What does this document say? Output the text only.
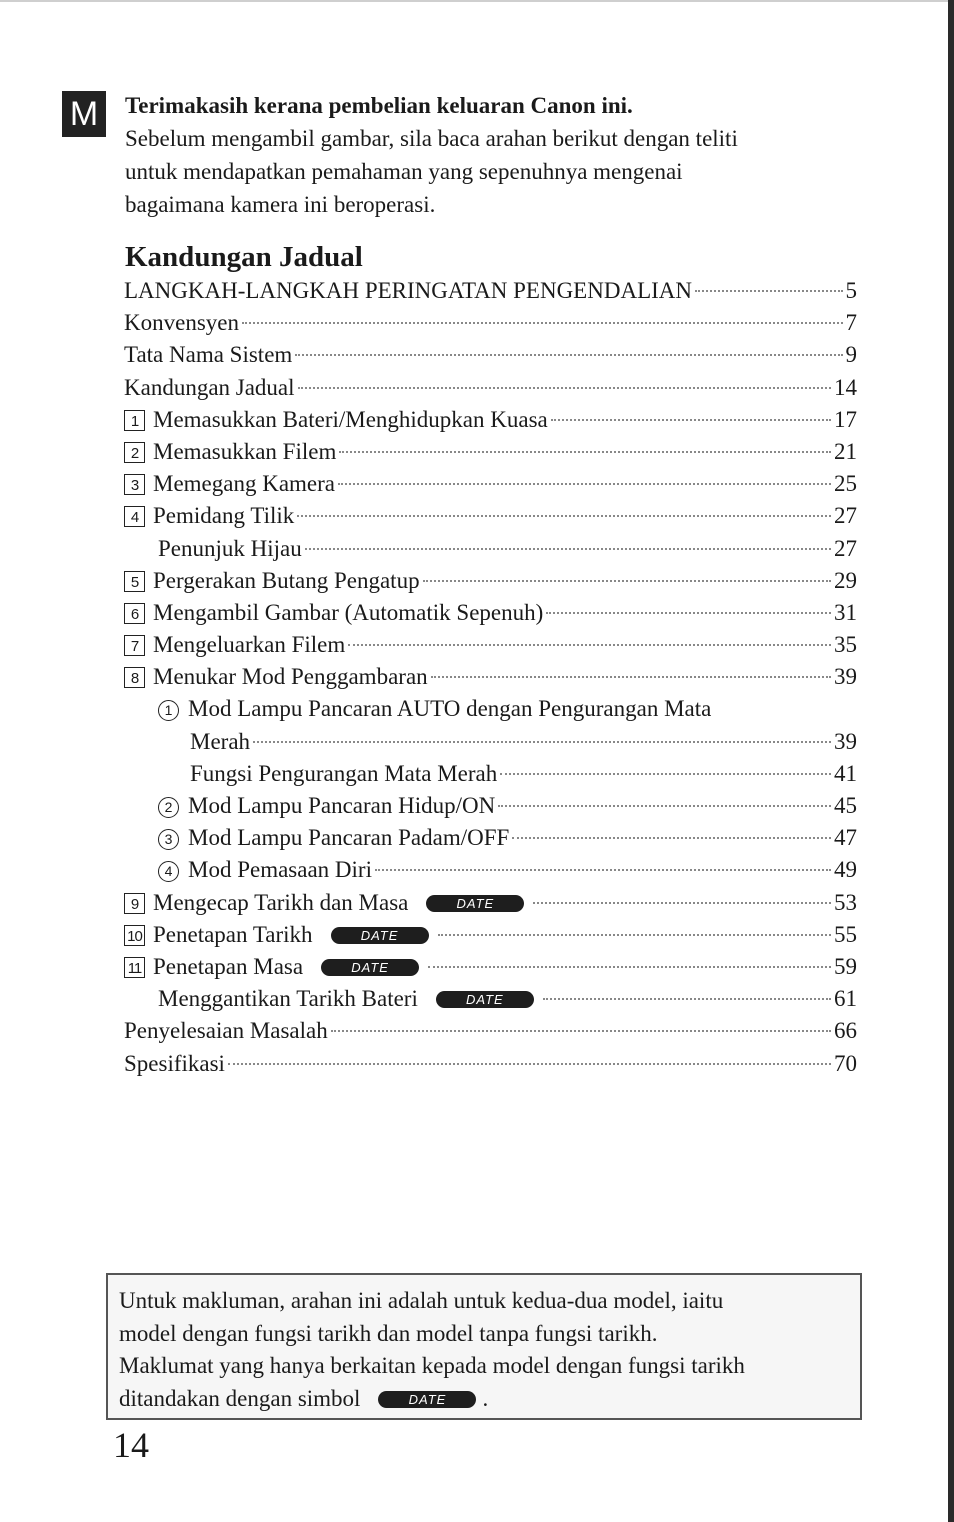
M	Terimakasih kerana pembelian keluaran Canon ini.
Sebelum mengambil gambar, sila baca arahan berikut dengan teliti
untuk mendapatkan pemahaman yang sepenuhnya mengenai
bagaimana kamera ini beroperasi.
Kandungan Jadual
LANGKAH-LANGKAH PERINGATAN PENGENDALIAN	5
Konvensyen	7
Tata Nama Sistem	9
Kandungan Jadual	14
1 Memasukkan Bateri/Menghidupkan Kuasa	17
2 Memasukkan Filem	21
3 Memegang Kamera	25
4 Pemidang Tilik	27
Penunjuk Hijau	27
5 Pergerakan Butang Pengatup	29
6 Mengambil Gambar (Automatik Sepenuh)	31
7 Mengeluarkan Filem	35
8 Menukar Mod Penggambaran	39
1 Mod Lampu Pancaran AUTO dengan Pengurangan Mata
Merah	39
Fungsi Pengurangan Mata Merah	41
2 Mod Lampu Pancaran Hidup/ON	45
3 Mod Lampu Pancaran Padam/OFF	47
4 Mod Pemasaan Diri	49
9 Mengecap Tarikh dan Masa	DATE	53
10 Penetapan Tarikh	DATE	55
11 Penetapan Masa	DATE	59
Menggantikan Tarikh Bateri	DATE	61
Penyelesaian Masalah	66
Spesifikasi	70
Untuk makluman, arahan ini adalah untuk kedua-dua model, iaitu
model dengan fungsi tarikh dan model tanpa fungsi tarikh.
Maklumat yang hanya berkaitan kepada model dengan fungsi tarikh
ditandakan dengan simbol	DATE .
14
